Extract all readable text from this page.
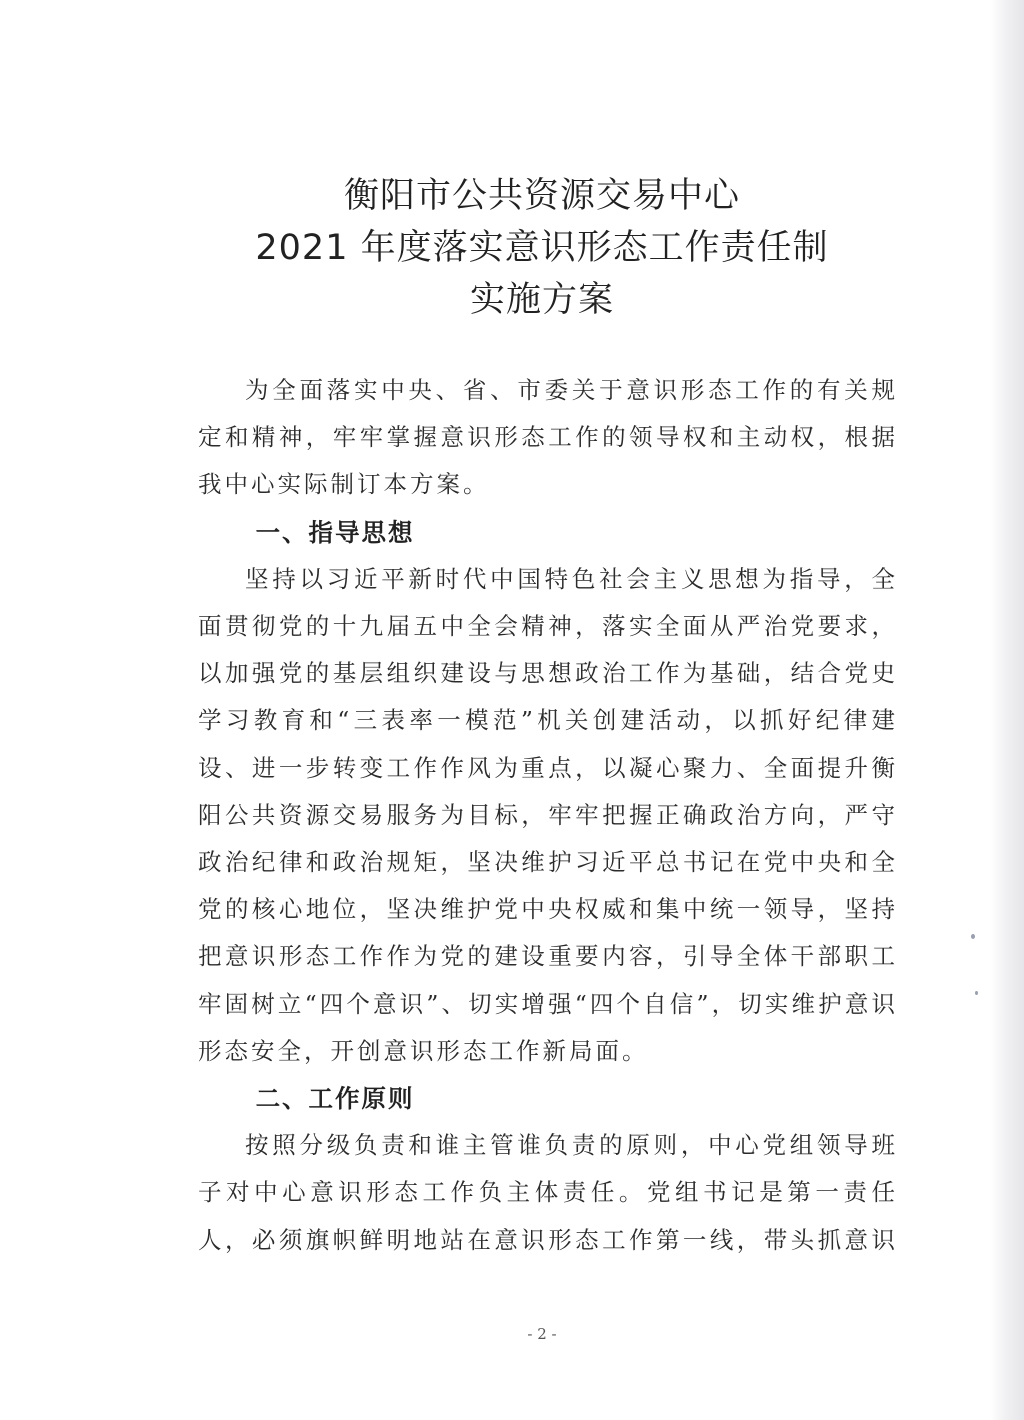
衡阳市公共资源交易中心
2021 年度落实意识形态工作责任制
实施方案

为全面落实中央、省、市委关于意识形态工作的有关规定和精神，牢牢掌握意识形态工作的领导权和主动权，根据我中心实际制订本方案。

一、指导思想

坚持以习近平新时代中国特色社会主义思想为指导，全面贯彻党的十九届五中全会精神，落实全面从严治党要求，以加强党的基层组织建设与思想政治工作为基础，结合党史学习教育和“三表率一模范”机关创建活动，以抓好纪律建设、进一步转变工作作风为重点，以凝心聚力、全面提升衡阳公共资源交易服务为目标，牢牢把握正确政治方向，严守政治纪律和政治规矩，坚决维护习近平总书记在党中央和全党的核心地位，坚决维护党中央权威和集中统一领导，坚持把意识形态工作作为党的建设重要内容，引导全体干部职工牢固树立“四个意识”、切实增强“四个自信”，切实维护意识形态安全，开创意识形态工作新局面。

二、工作原则

按照分级负责和谁主管谁负责的原则，中心党组领导班子对中心意识形态工作负主体责任。党组书记是第一责任人，必须旗帜鲜明地站在意识形态工作第一线，带头抓意识

- 2 -
